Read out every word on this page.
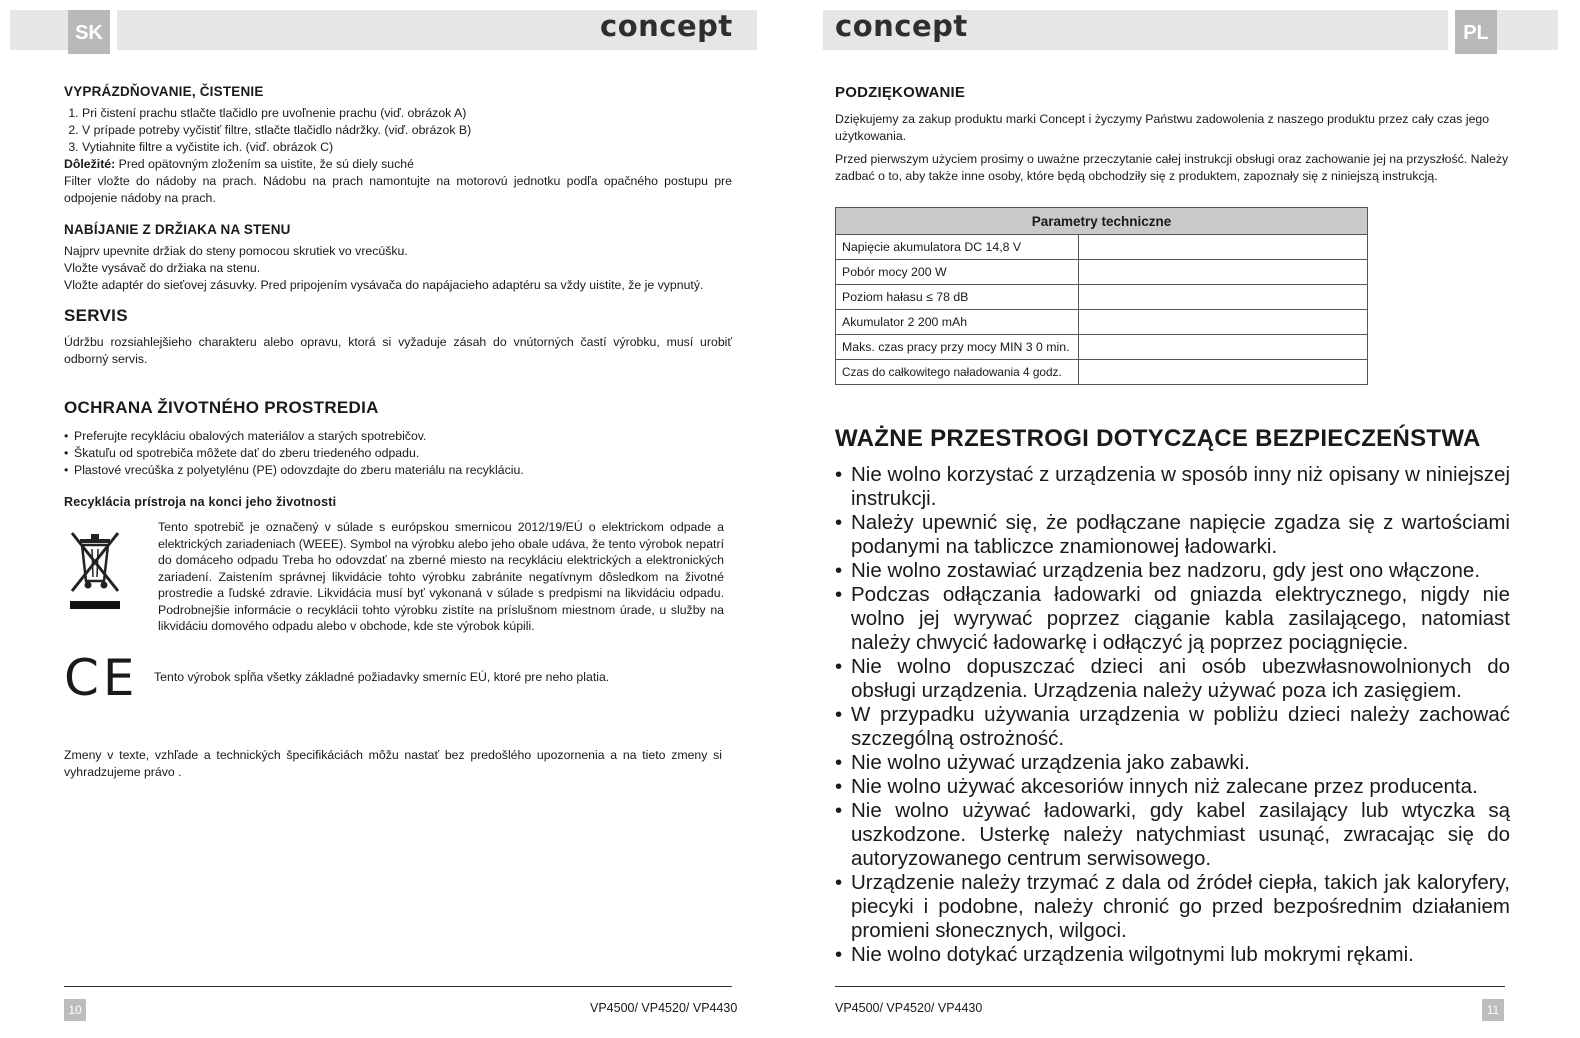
SK	PL
concept	concept
VYPRÁZDŇOVANIE, ČISTENIE
1. Pri čistení prachu stlačte tlačidlo pre uvoľnenie prachu (viď. obrázok A)
2. V prípade potreby vyčistiť filtre, stlačte tlačidlo nádržky. (viď. obrázok B)
3. Vytiahnite filtre a vyčistite ich. (viď. obrázok C)

Dôležité: Pred opätovným zložením sa uistite, že sú diely suché

Filter vložte do nádoby na prach. Nádobu na prach namontujte na motorovú jednotku podľa opačného postupu pre odpojenie nádoby na prach.

NABÍJANIE Z DRŽIAKA NA STENU

Najprv upevnite držiak do steny pomocou skrutiek vo vrecúšku.

Vložte vysávač do držiaka na stenu.

Vložte adaptér do sieťovej zásuvky. Pred pripojením vysávača do napájacieho adaptéru sa vždy uistite, že je vypnutý.

SERVIS

Údržbu rozsiahlejšieho charakteru alebo opravu, ktorá si vyžaduje zásah do vnútorných častí výrobku, musí urobiť odborný servis.

OCHRANA ŽIVOTNÉHO PROSTREDIA
• Preferujte recykláciu obalových materiálov a starých spotrebičov.
• Škatuľu od spotrebiča môžete dať do zberu triedeného odpadu.
• Plastové vrecúška z polyetylénu (PE) odovzdajte do zberu materiálu na recykláciu.
Recyklácia prístroja na konci jeho životnosti

Tento spotrebič je označený v súlade s európskou smernicou 2012/19/EÚ o elektrickom odpade a elektrických zariadeniach (WEEE). Symbol na výrobku alebo jeho obale udáva, že tento výrobok nepatrí do domáceho odpadu Treba ho odovzdať na zberné miesto na recykláciu elektrických a elektronických zariadení. Zaistením správnej likvidácie tohto výrobku zabránite negatívnym dôsledkom na životné prostredie a ľudské zdravie. Likvidácia musí byť vykonaná v súlade s predpismi na likvidáciu odpadu. Podrobnejšie informácie o recyklácii tohto výrobku zistíte na príslušnom miestnom úrade, u služby na likvidáciu domového odpadu alebo v obchode, kde ste výrobok kúpili.

CE Tento výrobok spĺňa všetky základné požiadavky smerníc EÚ, ktoré pre neho platia.

Zmeny v texte, vzhľade a technických špecifikáciách môžu nastať bez predošlého upozornenia a na tieto zmeny si vyhradzujeme právo .

10	VP4500/ VP4520/ VP4430
PODZIĘKOWANIE

Dziękujemy za zakup produktu marki Concept i życzymy Państwu zadowolenia z naszego produktu przez cały czas jego użytkowania.

Przed pierwszym użyciem prosimy o uważne przeczytanie całej instrukcji obsługi oraz zachowanie jej na przyszłość. Należy zadbać o to, aby także inne osoby, które będą obchodziły się z produktem, zapoznały się z niniejszą instrukcją.

Parametry techniczne	
Napięcie akumulatora DC 14,8 V	
Pobór mocy 200 W	
Poziom hałasu ≤ 78 dB	
Akumulator 2 200 mAh	
Maks. czas pracy przy mocy MIN 3 0 min.	
Czas do całkowitego naładowania 4 godz.	
WAŻNE PRZESTROGI DOTYCZĄCE BEZPIECZEŃSTWA
• Nie wolno korzystać z urządzenia w sposób inny niż opisany w niniejszej instrukcji.
• Należy upewnić się, że podłączane napięcie zgadza się z wartościami podanymi na tabliczce znamionowej ładowarki.
• Nie wolno zostawiać urządzenia bez nadzoru, gdy jest ono włączone.
• Podczas odłączania ładowarki od gniazda elektrycznego, nigdy nie wolno jej wyrywać poprzez ciąganie kabla zasilającego, natomiast należy chwycić ładowarkę i odłączyć ją poprzez pociągnięcie.
• Nie wolno dopuszczać dzieci ani osób ubezwłasnowolnionych do obsługi urządzenia. Urządzenia należy używać poza ich zasięgiem.
• W przypadku używania urządzenia w pobliżu dzieci należy zachować szczególną ostrożność.
• Nie wolno używać urządzenia jako zabawki.
• Nie wolno używać akcesoriów innych niż zalecane przez producenta.
• Nie wolno używać ładowarki, gdy kabel zasilający lub wtyczka są uszkodzone. Usterkę należy natychmiast usunąć, zwracając się do autoryzowanego centrum serwisowego.
• Urządzenie należy trzymać z dala od źródeł ciepła, takich jak kaloryfery, piecyki i podobne, należy chronić go przed bezpośrednim działaniem promieni słonecznych, wilgoci.
• Nie wolno dotykać urządzenia wilgotnymi lub mokrymi rękami.
VP4500/ VP4520/ VP4430	11
